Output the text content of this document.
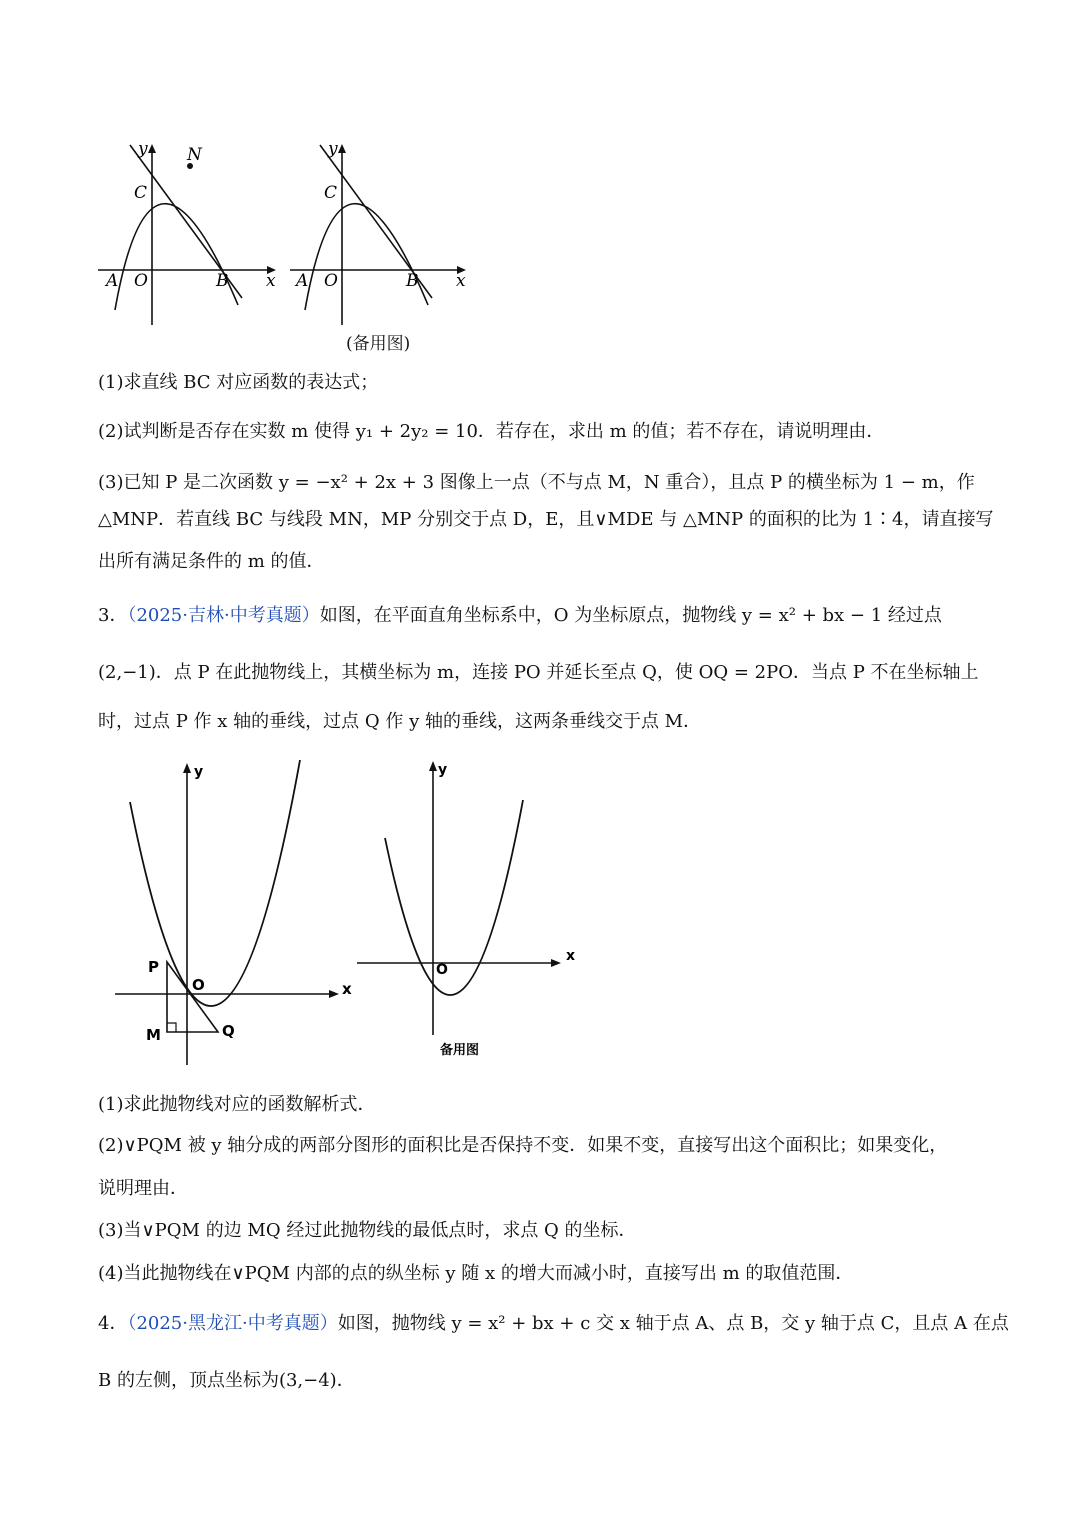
y N
C
A O	B x
y
C
A O	B x
(备用图)
(1)求直线 BC 对应函数的表达式；
(2)试判断是否存在实数 m 使得 y₁ + 2y₂ = 10．若存在，求出 m 的值；若不存在，请说明理由．
(3)已知 P 是二次函数 y = −x² + 2x + 3 图像上一点（不与点 M，N 重合），且点 P 的横坐标为 1 − m，作
△MNP．若直线 BC 与线段 MN，MP 分别交于点 D，E，且∨MDE 与 △MNP 的面积的比为 1∶4，请直接写
出所有满足条件的 m 的值．
3．（2025·吉林·中考真题）如图，在平面直角坐标系中，O 为坐标原点，抛物线 y = x² + bx − 1 经过点
(2,−1)．点 P 在此抛物线上，其横坐标为 m，连接 PO 并延长至点 Q，使 OQ = 2PO．当点 P 不在坐标轴上
时，过点 P 作 x 轴的垂线，过点 Q 作 y 轴的垂线，这两条垂线交于点 M．
y
P
O	x
M	Q
y
O
x
备用图
(1)求此抛物线对应的函数解析式．
(2)∨PQM 被 y 轴分成的两部分图形的面积比是否保持不变．如果不变，直接写出这个面积比；如果变化，
说明理由．
(3)当∨PQM 的边 MQ 经过此抛物线的最低点时，求点 Q 的坐标．
(4)当此抛物线在∨PQM 内部的点的纵坐标 y 随 x 的增大而减小时，直接写出 m 的取值范围．
4．（2025·黑龙江·中考真题）如图，抛物线 y = x² + bx + c 交 x 轴于点 A、点 B，交 y 轴于点 C，且点 A 在点
B 的左侧，顶点坐标为(3,−4)．
